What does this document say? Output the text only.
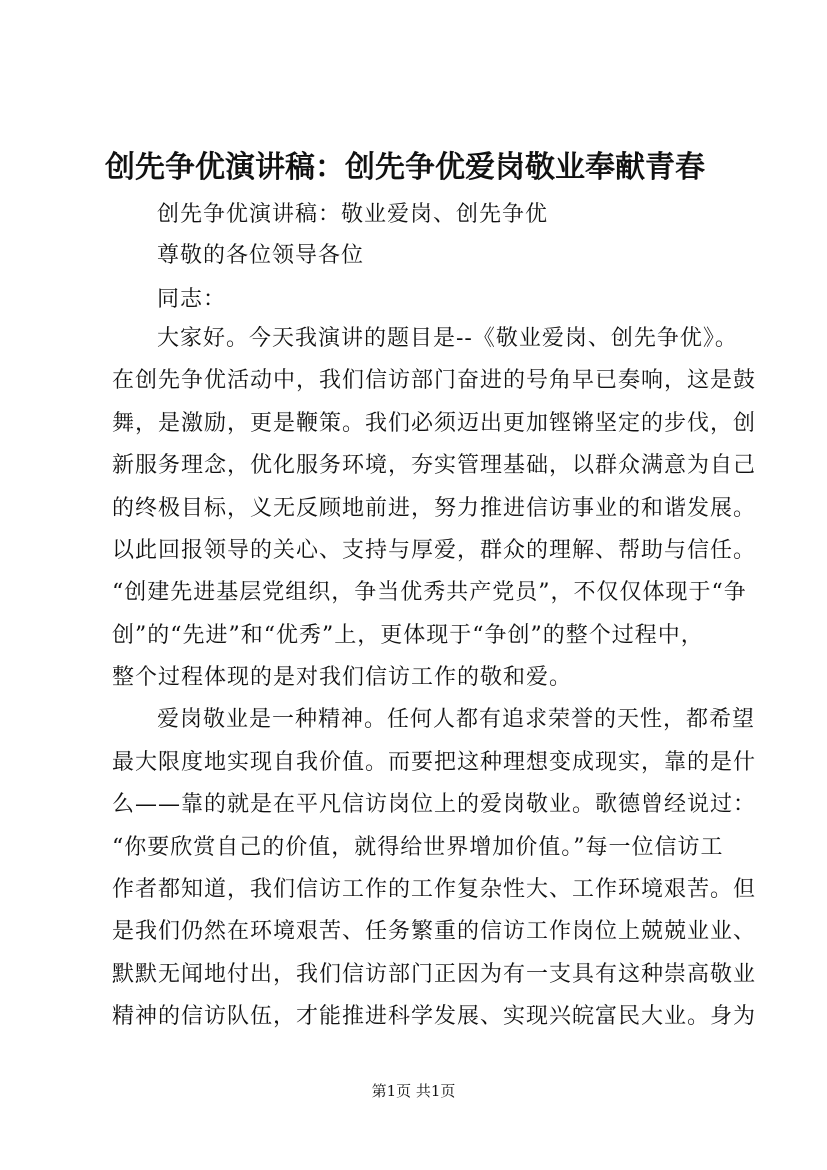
创先争优演讲稿：创先争优爱岗敬业奉献青春
创先争优演讲稿：敬业爱岗、创先争优
尊敬的各位领导各位
同志：
大家好。今天我演讲的题目是--《敬业爱岗、创先争优》。
在创先争优活动中，我们信访部门奋进的号角早已奏响，这是鼓
舞，是激励，更是鞭策。我们必须迈出更加铿锵坚定的步伐，创
新服务理念，优化服务环境，夯实管理基础，以群众满意为自己
的终极目标，义无反顾地前进，努力推进信访事业的和谐发展。
以此回报领导的关心、支持与厚爱，群众的理解、帮助与信任。
“创建先进基层党组织，争当优秀共产党员”，不仅仅体现于“争
创”的“先进”和“优秀”上，更体现于“争创”的整个过程中，
整个过程体现的是对我们信访工作的敬和爱。
爱岗敬业是一种精神。任何人都有追求荣誉的天性，都希望
最大限度地实现自我价值。而要把这种理想变成现实，靠的是什
么——靠的就是在平凡信访岗位上的爱岗敬业。歌德曾经说过：
“你要欣赏自己的价值，就得给世界增加价值。”每一位信访工
作者都知道，我们信访工作的工作复杂性大、工作环境艰苦。但
是我们仍然在环境艰苦、任务繁重的信访工作岗位上兢兢业业、
默默无闻地付出，我们信访部门正因为有一支具有这种崇高敬业
精神的信访队伍，才能推进科学发展、实现兴皖富民大业。身为
第1页 共1页
